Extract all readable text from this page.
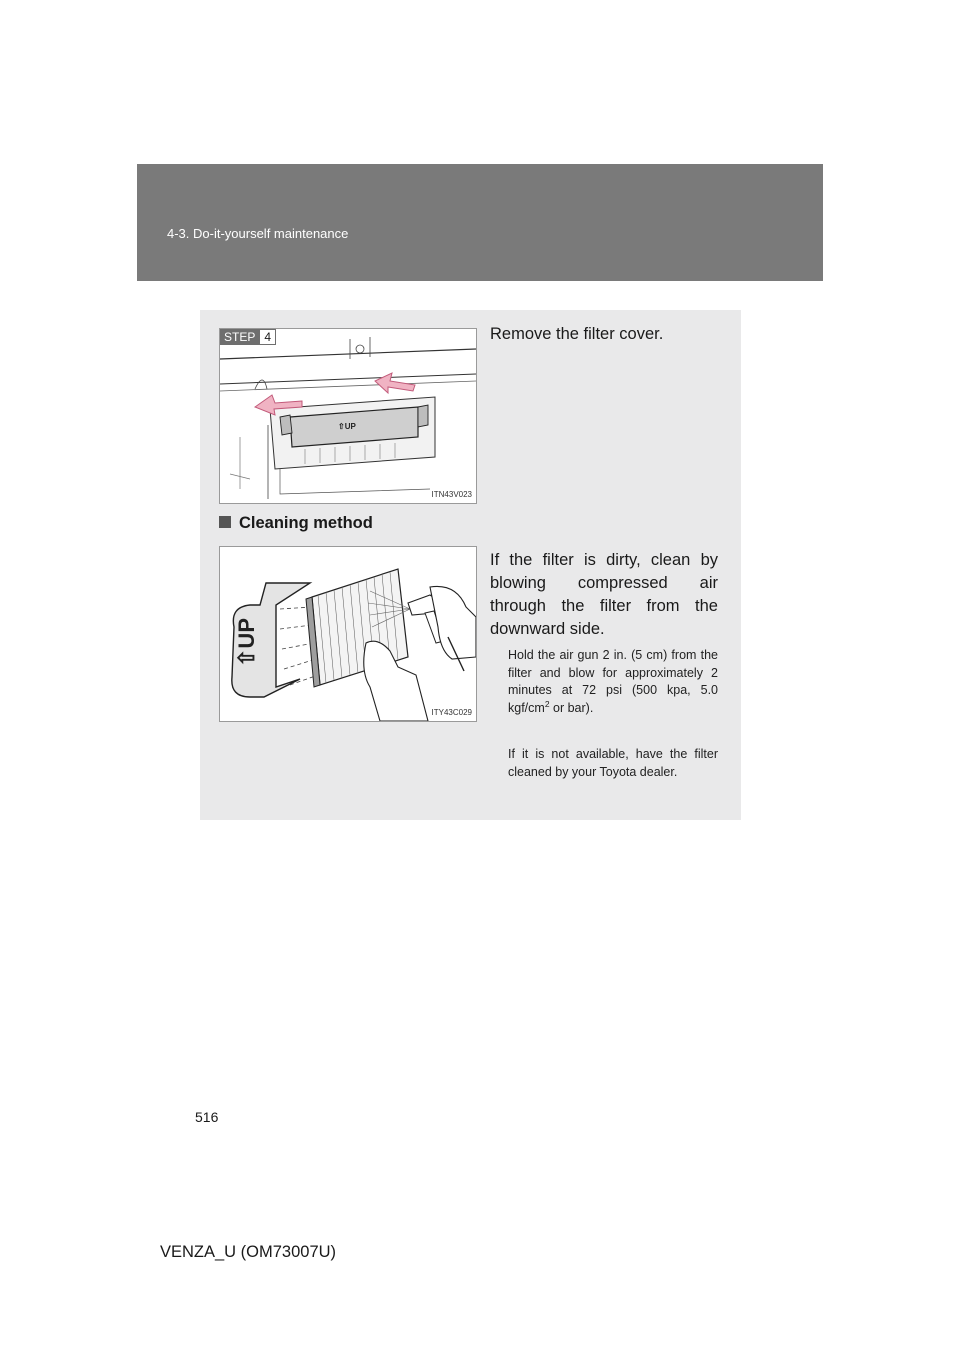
4-3. Do-it-yourself maintenance
⇧UP
STEP 4
ITN43V023
Remove the filter cover.
Cleaning method
⇧UP
ITY43C029
If the filter is dirty, clean by blowing compressed air through the filter from the downward side.
Hold the air gun 2 in. (5 cm) from the filter and blow for approximately 2 minutes at 72 psi (500 kpa, 5.0 kgf/$cm^2$ or bar).
If it is not available, have the filter cleaned by your Toyota dealer.
516
VENZA_U (OM73007U)
